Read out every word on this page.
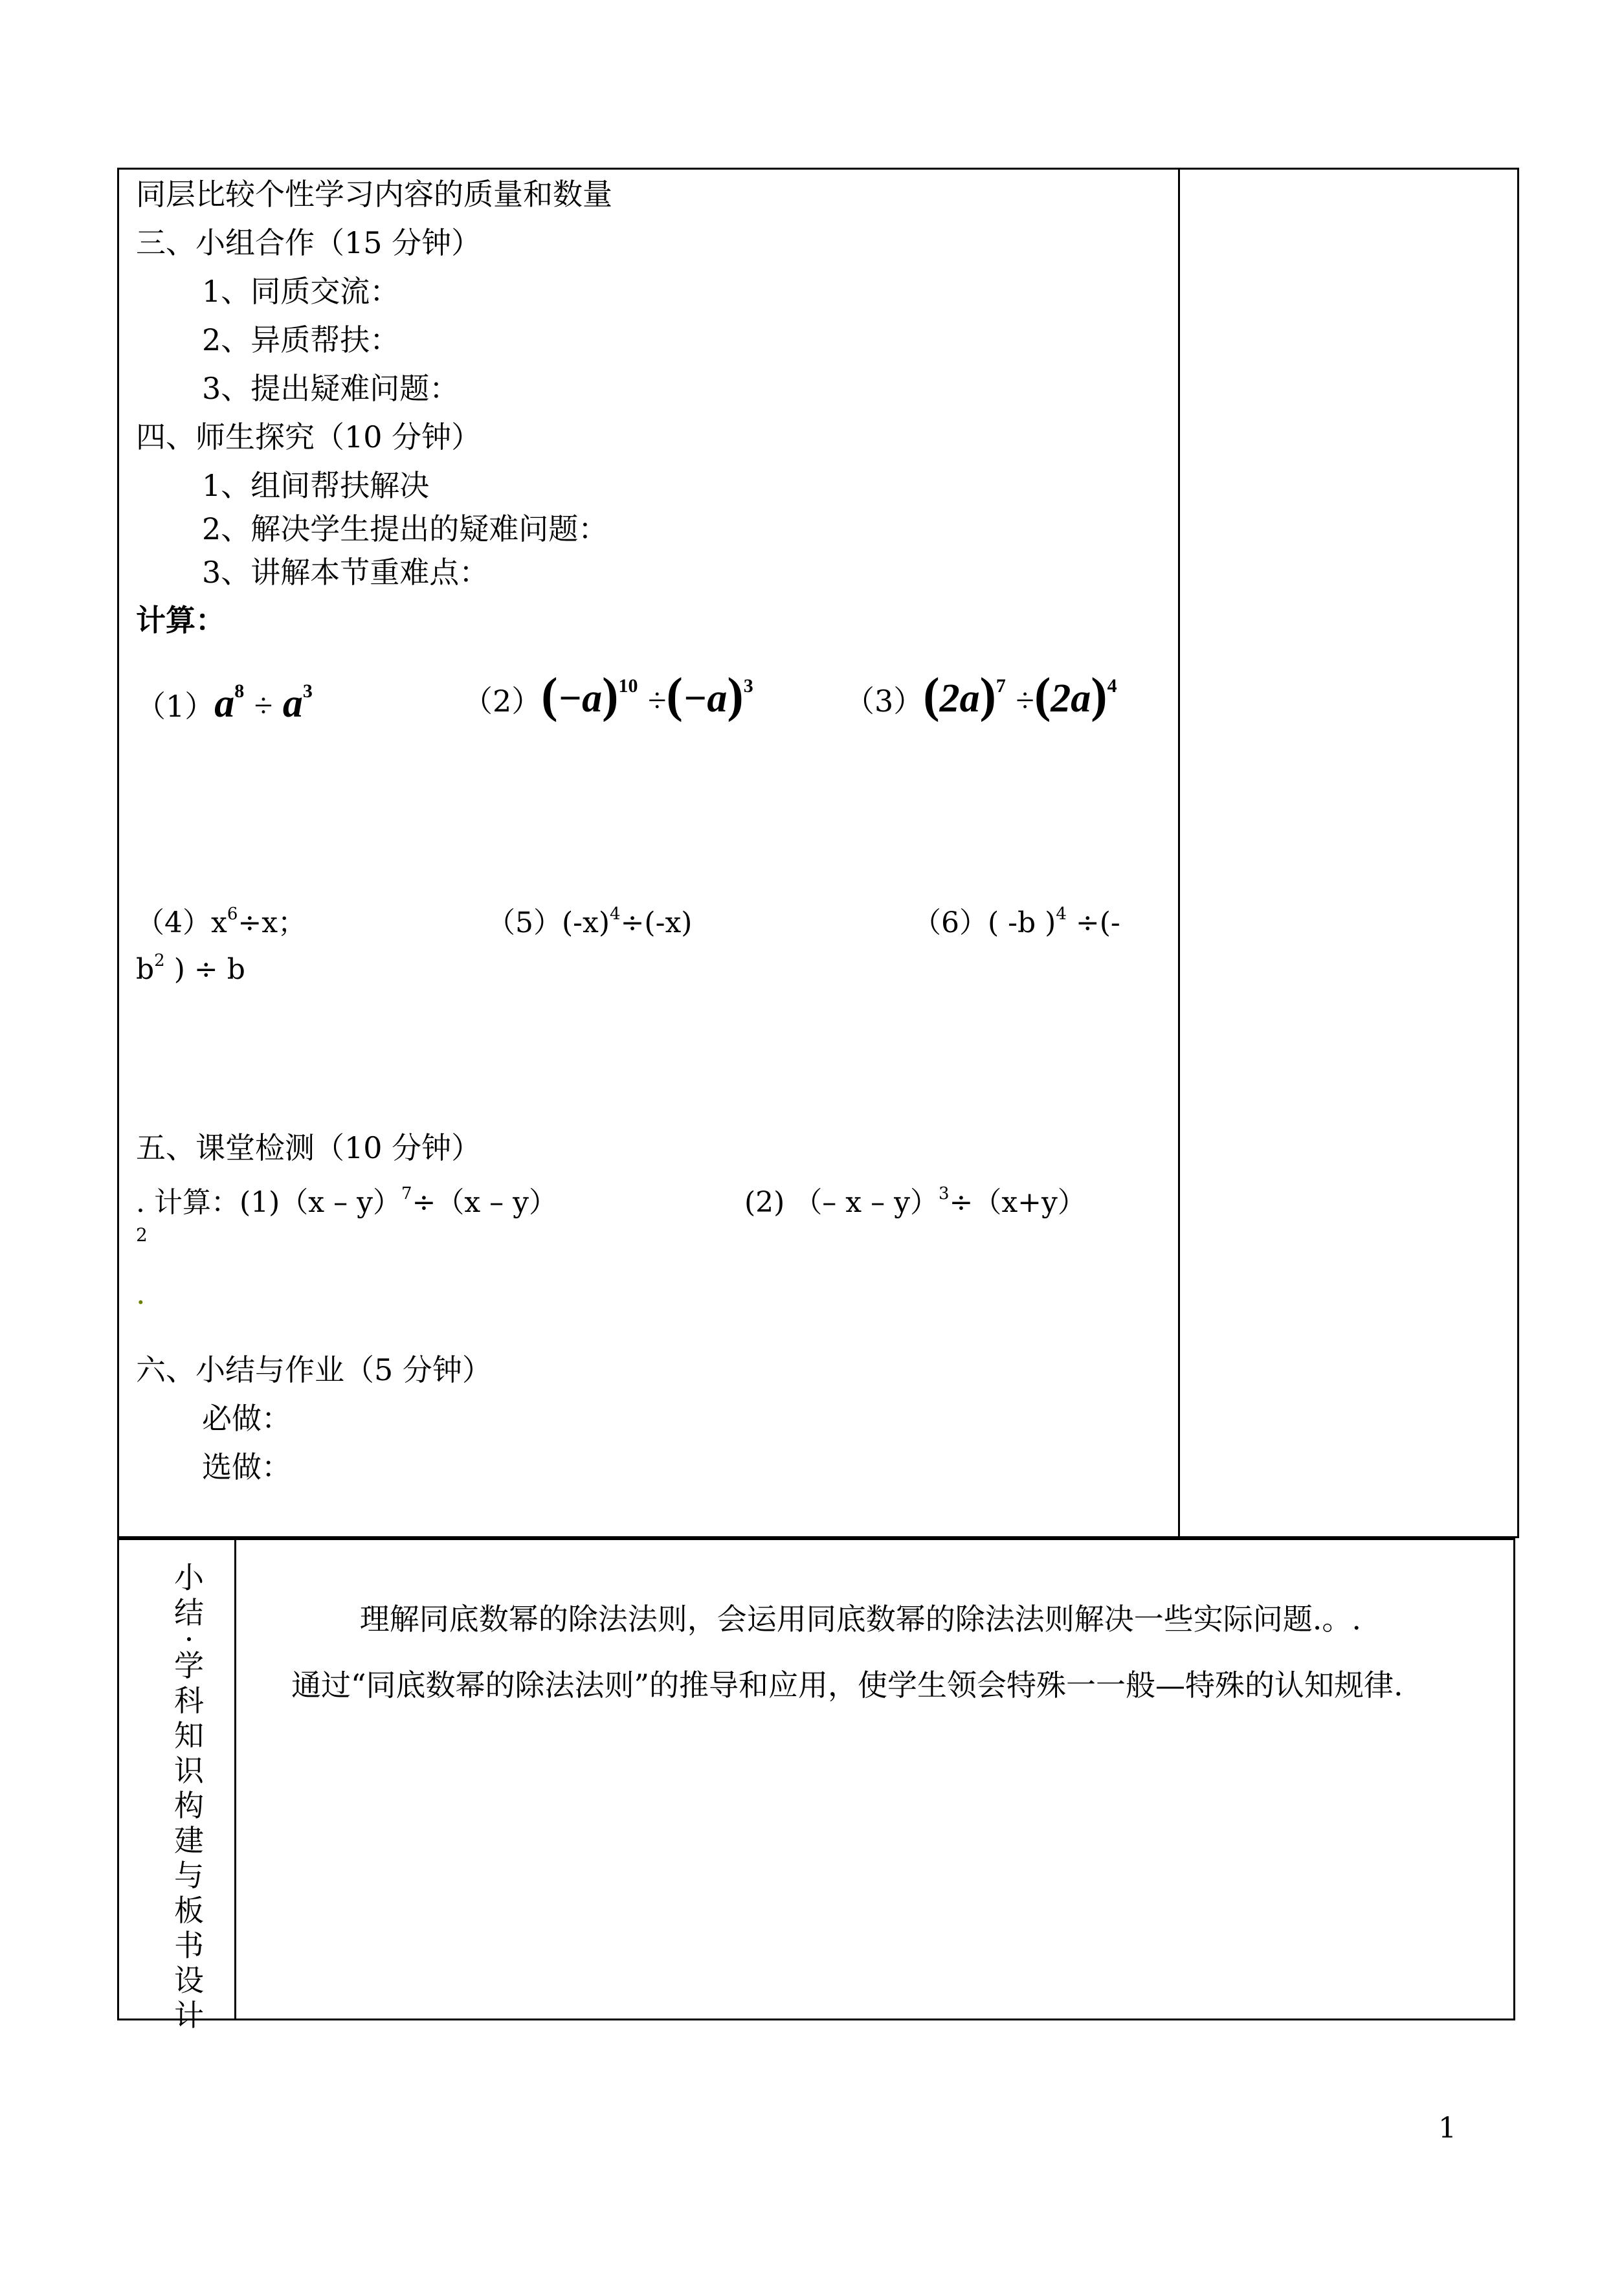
同层比较个性学习内容的质量和数量
三、小组合作（15 分钟）
1、同质交流：
2、异质帮扶：
3、提出疑难问题：
四、师生探究（10 分钟）
1、组间帮扶解决
2、解决学生提出的疑难问题：
3、讲解本节重难点：
计算：
$(1)a^8 \div a^3$	$(2)(-a)^{10} \div(-a)^3$	$(3)(2a)^7 \div(2a)^4$
$(4)x^6\div x$；	$(5)(-x)^4\div(-x)$	（6）( -b )$^4$ ÷(-
$b^2$ ) ÷ b
五、课堂检测（10 分钟）
. 计算：(1)（x – y）$^7$÷（x – y）	(2) （– x – y）$^3$÷（x+y）
2
.
六、小结与作业（5 分钟）
必做：
选做：
小
结
·
学
科
知
识
构
建
与
板
书
设
计

理解同底数幂的除法法则，会运用同底数幂的除法法则解决一些实际问题.。.

通过“同底数幂的除法法则”的推导和应用，使学生领会特殊一一般—特殊的认知规律.

1
